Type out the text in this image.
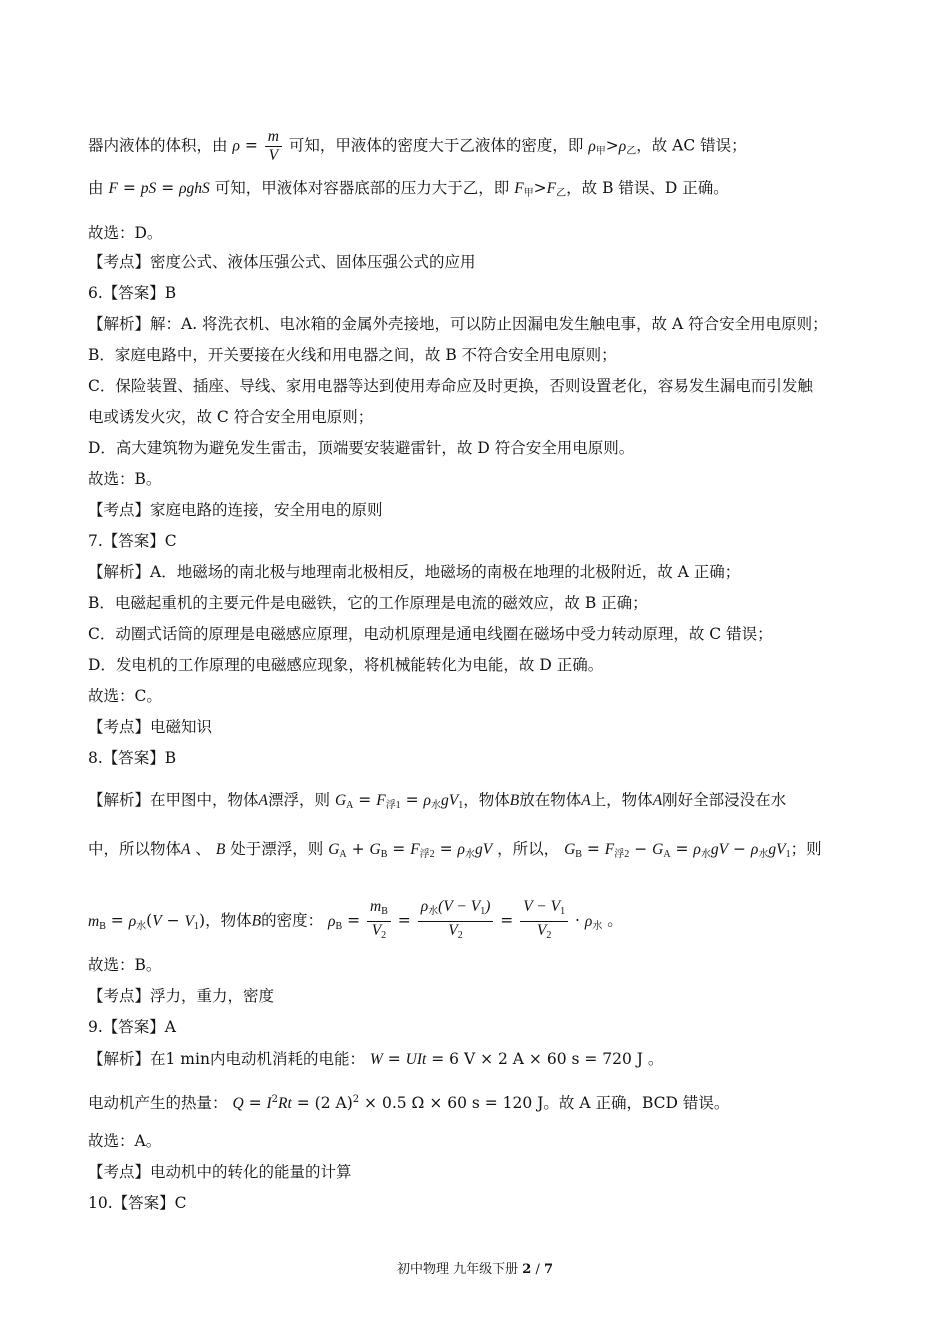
器内液体的体积，由 $\rho = \frac{m}{V}$ 可知，甲液体的密度大于乙液体的密度，即 $\rho_甲>\rho_乙$，故 AC 错误；
由 F = pS = ρghS 可知，甲液体对容器底部的压力大于乙，即 $F_甲>F_乙$，故 B 错误、D 正确。
故选：D。
【考点】密度公式、液体压强公式、固体压强公式的应用
6.【答案】B
【解析】解：A. 将洗衣机、电冰箱的金属外壳接地，可以防止因漏电发生触电事，故 A 符合安全用电原则；
B．家庭电路中，开关要接在火线和用电器之间，故 B 不符合安全用电原则；
C．保险装置、插座、导线、家用电器等达到使用寿命应及时更换，否则设置老化，容易发生漏电而引发触
电或诱发火灾，故 C 符合安全用电原则；
D．高大建筑物为避免发生雷击，顶端要安装避雷针，故 D 符合安全用电原则。
故选：B。
【考点】家庭电路的连接，安全用电的原则
7.【答案】C
【解析】A．地磁场的南北极与地理南北极相反，地磁场的南极在地理的北极附近，故 A 正确；
B．电磁起重机的主要元件是电磁铁，它的工作原理是电流的磁效应，故 B 正确；
C．动圈式话筒的原理是电磁感应原理，电动机原理是通电线圈在磁场中受力转动原理，故 C 错误；
D．发电机的工作原理的电磁感应现象，将机械能转化为电能，故 D 正确。
故选：C。
【考点】电磁知识
8.【答案】B
【解析】在甲图中，物体A漂浮，则 $G_A = F_{浮1} = \rho_水gV_1$，物体B放在物体A上，物体A刚好全部浸没在水
中，所以物体A 、 B 处于漂浮，则 $G_A + G_B = F_{浮2} = \rho_水gV$ ，所以， $G_B = F_{浮2} - G_A = \rho_水gV - \rho_水gV_1$；则
$m_B = \rho_水(V - V_1)$，物体B的密度： $\rho_B = \frac{m_B}{V_2} = \frac{\rho_水(V - V_1)}{V_2} = \frac{V - V_1}{V_2} \cdot \rho_水$ 。
故选：B。
【考点】浮力，重力，密度
9.【答案】A
【解析】在1 min内电动机消耗的电能： W = UIt = 6 V × 2 A × 60 s = 720 J 。
电动机产生的热量： $Q = I^2Rt = (2$ A)$^2$ × 0.5 Ω × 60 s = 120 J。故 A 正确，BCD 错误。
故选：A。
【考点】电动机中的转化的能量的计算
10.【答案】C
初中物理 九年级下册 2 / 7
